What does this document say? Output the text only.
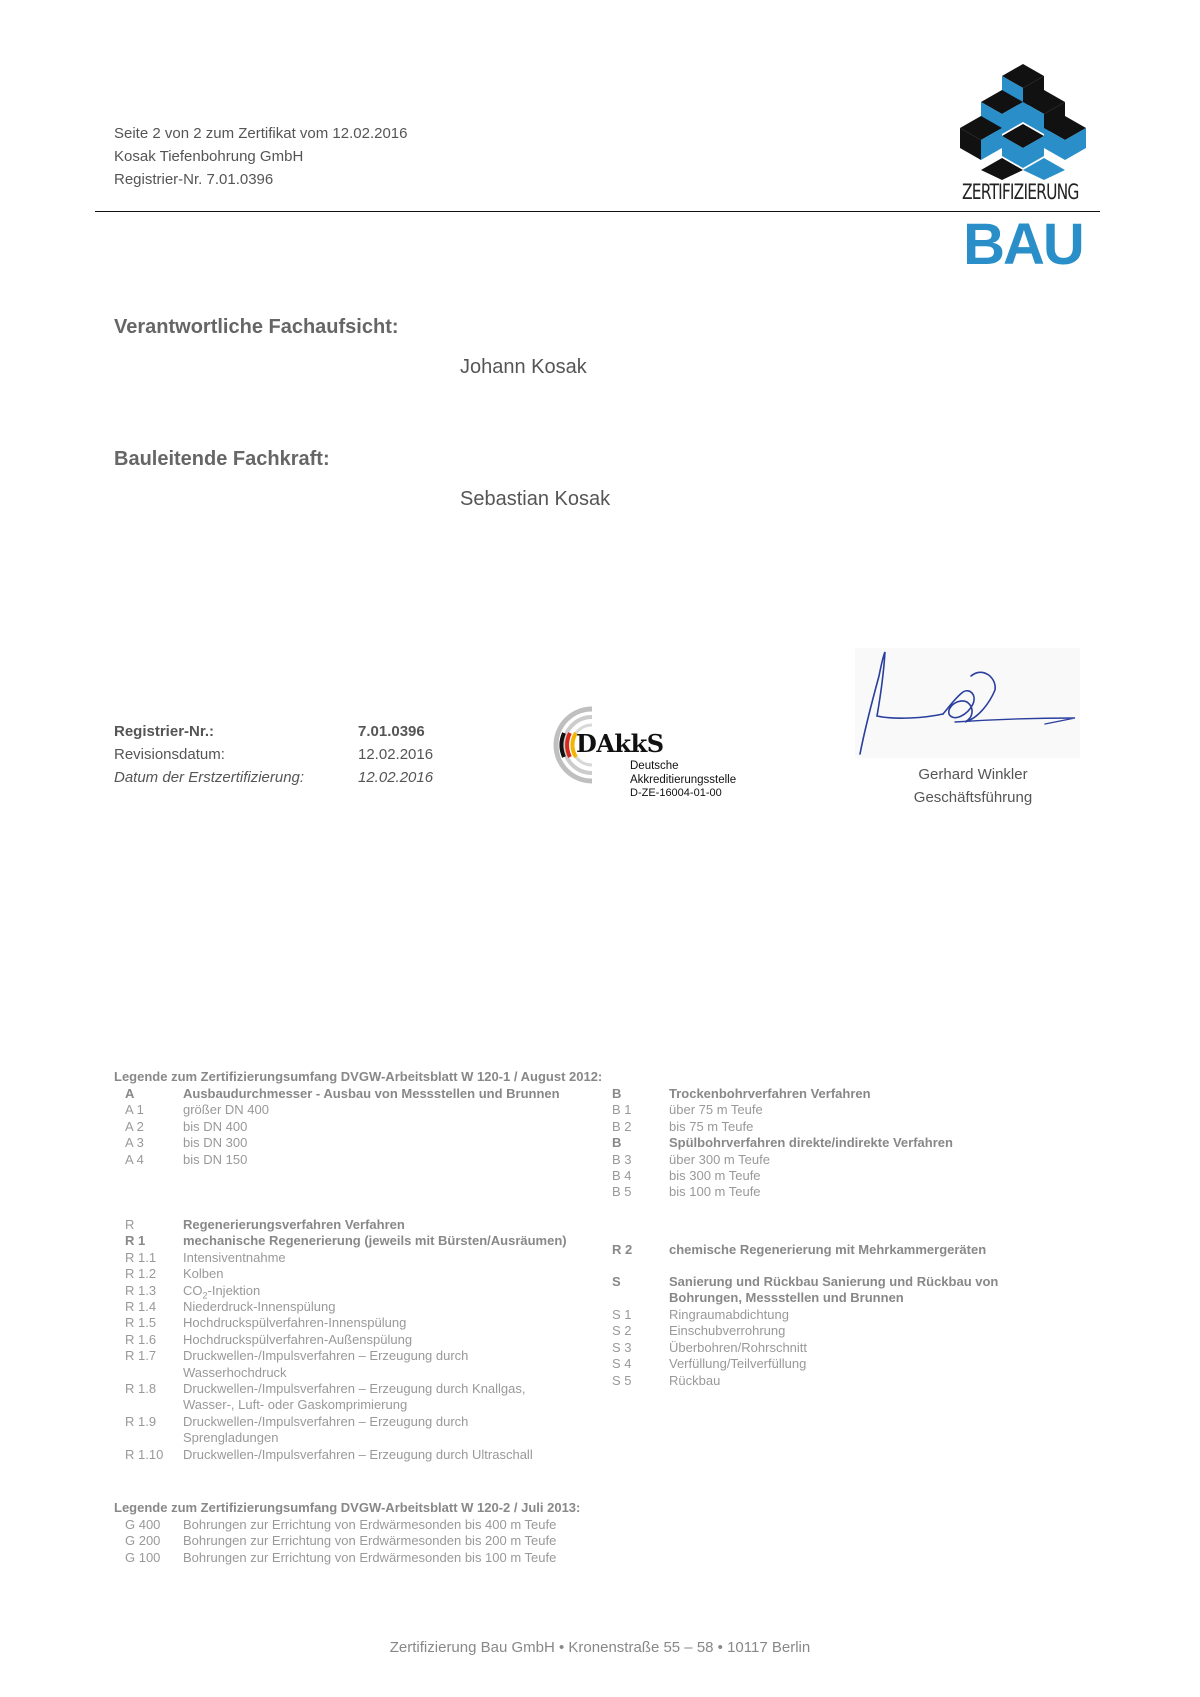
Seite 2 von 2 zum Zertifikat vom 12.02.2016
Kosak Tiefenbohrung GmbH
Registrier-Nr. 7.01.0396
ZERTIFIZIERUNG
BAU
Verantwortliche Fachaufsicht:
Johann Kosak
Bauleitende Fachkraft:
Sebastian Kosak
Registrier-Nr.:	7.01.0396
Revisionsdatum:	12.02.2016
Datum der Erstzertifizierung:	12.02.2016
DAkkS
Deutsche
Akkreditierungsstelle
D-ZE-16004-01-00
Gerhard Winkler
Geschäftsführung
Legende zum Zertifizierungsumfang DVGW-Arbeitsblatt W 120-1 / August 2012:
A	Ausbaudurchmesser - Ausbau von Messstellen und Brunnen
A 1	größer DN 400
A 2	bis DN 400
A 3	bis DN 300
A 4	bis DN 150
B	Trockenbohrverfahren Verfahren
B 1	über 75 m Teufe
B 2	bis 75 m Teufe
B	Spülbohrverfahren direkte/indirekte Verfahren
B 3	über 300 m Teufe
B 4	bis 300 m Teufe
B 5	bis 100 m Teufe
R	Regenerierungsverfahren Verfahren
R 1	mechanische Regenerierung (jeweils mit Bürsten/Ausräumen)
R 1.1 Intensiventnahme
R 1.2 Kolben
R 1.3 $CO_2$-Injektion
R 1.4 Niederdruck-Innenspülung
R 1.5 Hochdruckspülverfahren-Innenspülung
R 1.6 Hochdruckspülverfahren-Außenspülung
R 1.7 Druckwellen-/Impulsverfahren – Erzeugung durch
Wasserhochdruck
R 1.8 Druckwellen-/Impulsverfahren – Erzeugung durch Knallgas,
Wasser-, Luft- oder Gaskomprimierung
R 1.9 Druckwellen-/Impulsverfahren – Erzeugung durch
Sprengladungen
R 1.10 Druckwellen-/Impulsverfahren – Erzeugung durch Ultraschall
R 2	chemische Regenerierung mit Mehrkammergeräten
S	Sanierung und Rückbau Sanierung und Rückbau von
Bohrungen, Messstellen und Brunnen
S 1	Ringraumabdichtung
S 2	Einschubverrohrung
S 3	Überbohren/Rohrschnitt
S 4	Verfüllung/Teilverfüllung
S 5	Rückbau
Legende zum Zertifizierungsumfang DVGW-Arbeitsblatt W 120-2 / Juli 2013:
G 400 Bohrungen zur Errichtung von Erdwärmesonden bis 400 m Teufe
G 200 Bohrungen zur Errichtung von Erdwärmesonden bis 200 m Teufe
G 100 Bohrungen zur Errichtung von Erdwärmesonden bis 100 m Teufe
Zertifizierung Bau GmbH • Kronenstraße 55 – 58 • 10117 Berlin
